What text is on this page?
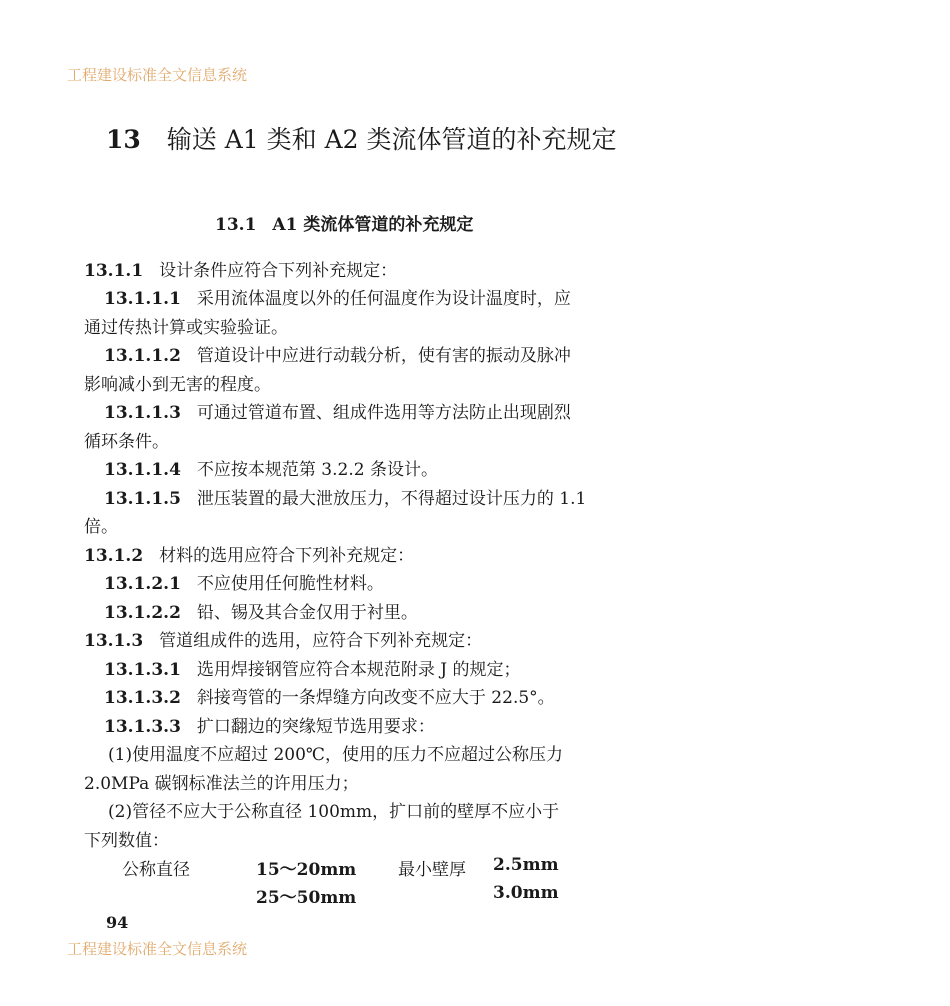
工程建设标准全文信息系统
13 输送 A1 类和 A2 类流体管道的补充规定
13.1 A1 类流体管道的补充规定
13.1.1 设计条件应符合下列补充规定：
13.1.1.1 采用流体温度以外的任何温度作为设计温度时，应
通过传热计算或实验验证。
13.1.1.2 管道设计中应进行动载分析，使有害的振动及脉冲
影响减小到无害的程度。
13.1.1.3 可通过管道布置、组成件选用等方法防止出现剧烈
循环条件。
13.1.1.4 不应按本规范第 3.2.2 条设计。
13.1.1.5 泄压装置的最大泄放压力，不得超过设计压力的 1.1
倍。
13.1.2 材料的选用应符合下列补充规定：
13.1.2.1 不应使用任何脆性材料。
13.1.2.2 铅、锡及其合金仅用于衬里。
13.1.3 管道组成件的选用，应符合下列补充规定：
13.1.3.1 选用焊接钢管应符合本规范附录 J 的规定；
13.1.3.2 斜接弯管的一条焊缝方向改变不应大于 22.5°。
13.1.3.3 扩口翻边的突缘短节选用要求：
(1)使用温度不应超过 200℃，使用的压力不应超过公称压力
2.0MPa 碳钢标准法兰的许用压力；
(2)管径不应大于公称直径 100mm，扩口前的壁厚不应小于
下列数值：
公称直径	15～20mm 最小壁厚 2.5mm
25～50mm	3.0mm
94
工程建设标准全文信息系统
